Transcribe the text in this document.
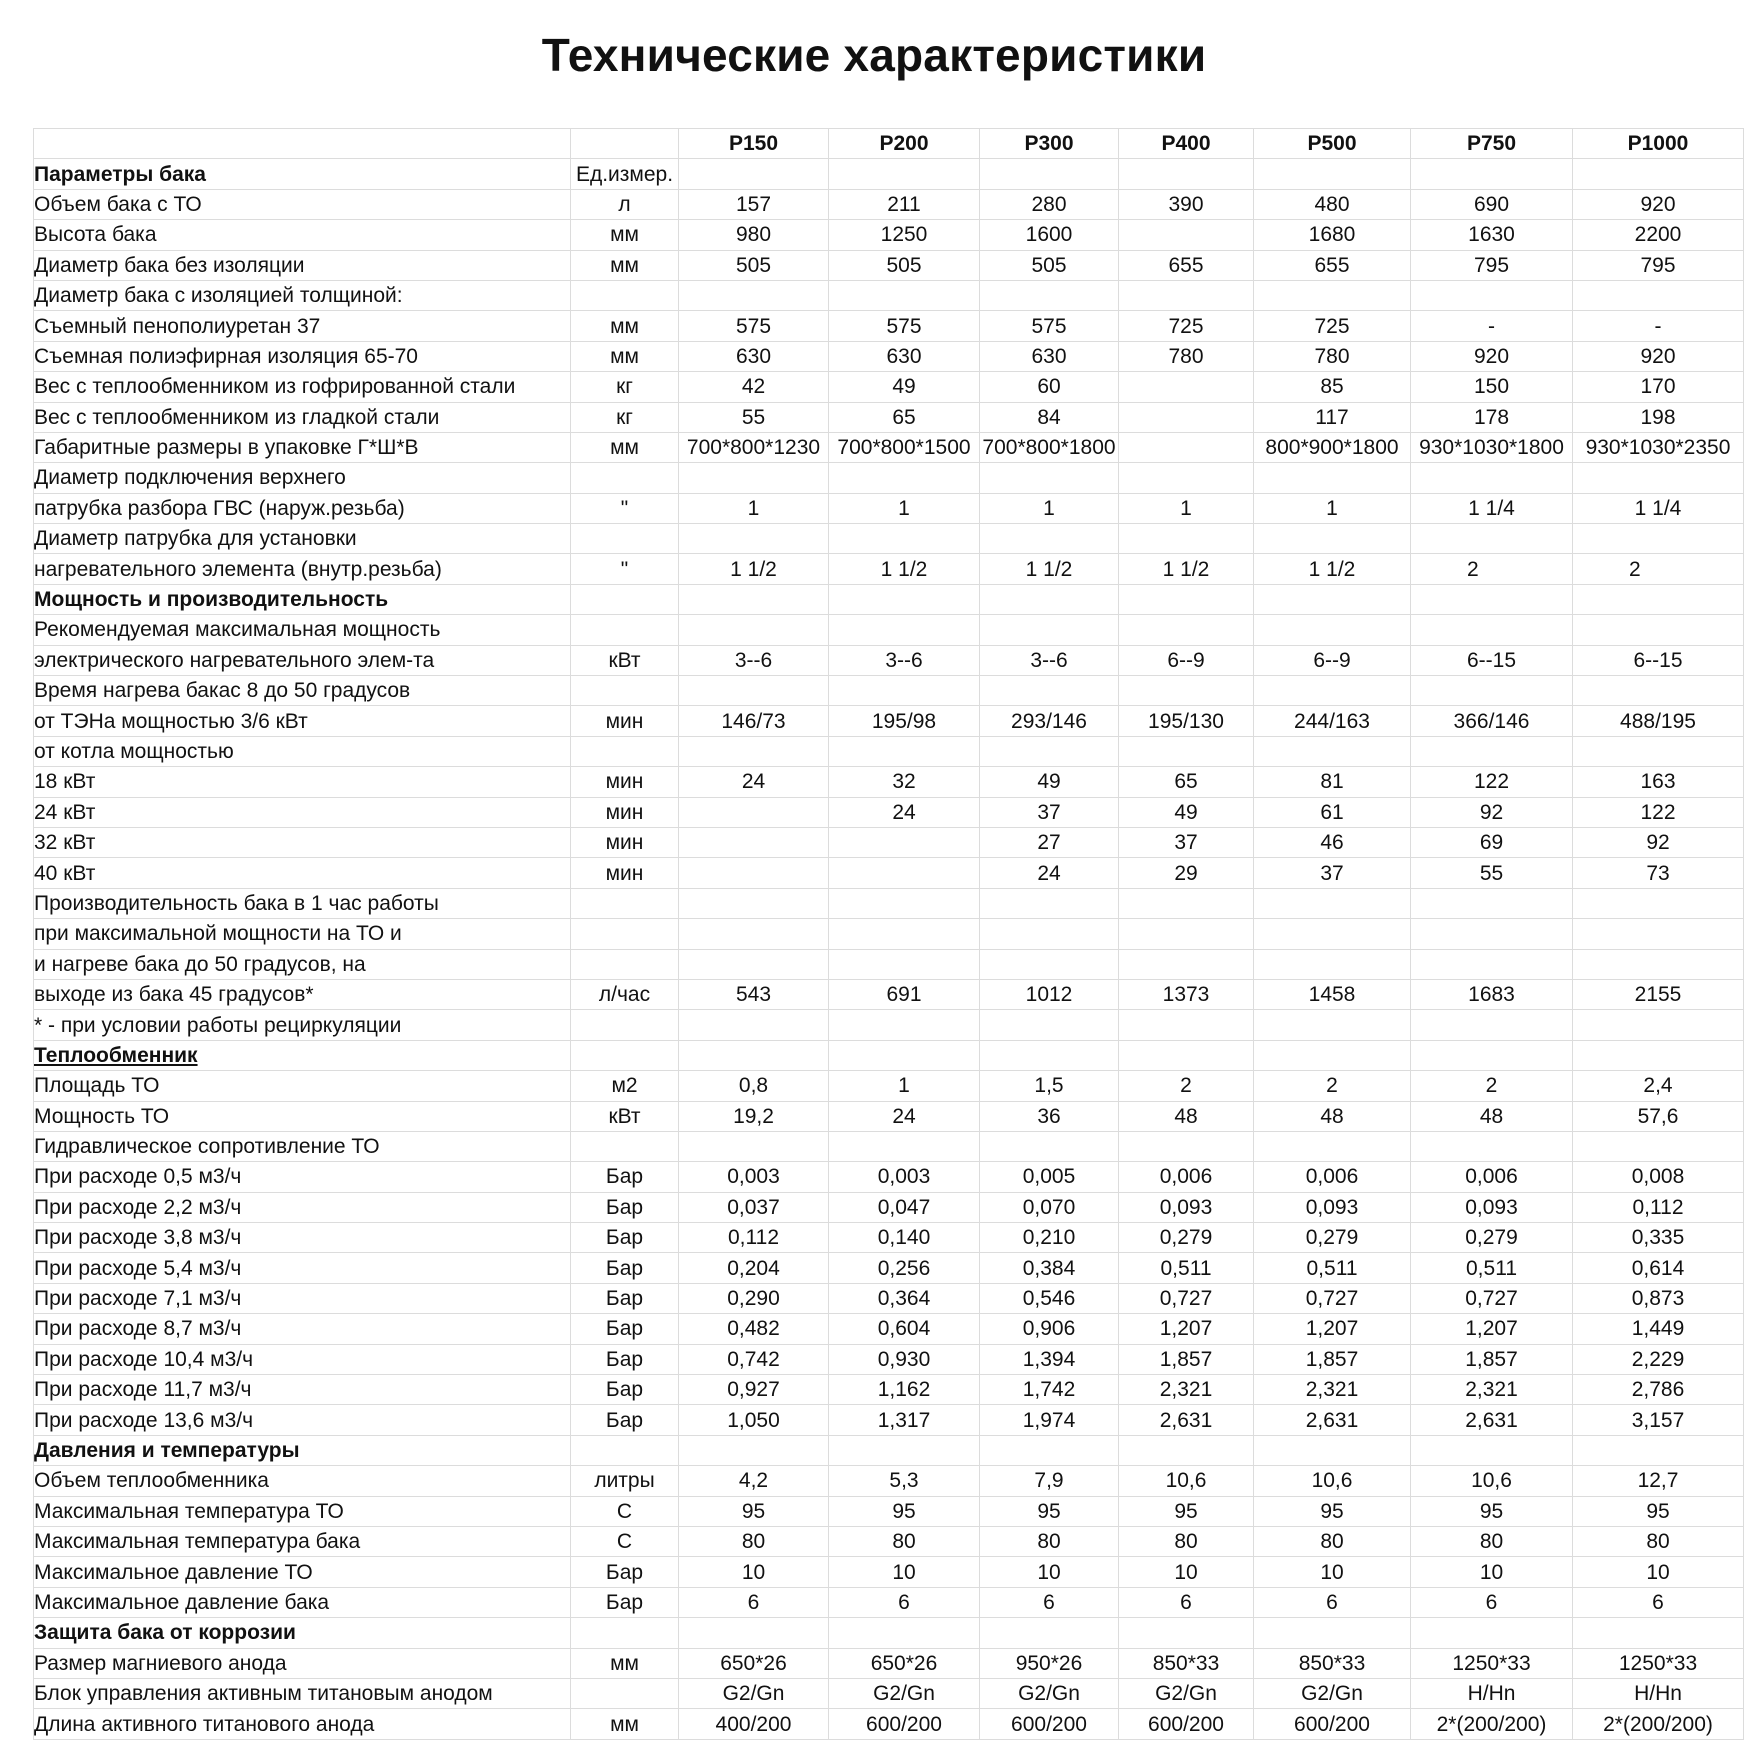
Технические характеристики
		P150	P200	P300	P400	P500	P750	P1000
Параметры бака	Ед.измер.							
Объем бака с ТО	л	157	211	280	390	480	690	920
Высота бака	мм	980	1250	1600		1680	1630	2200
Диаметр бака без изоляции	мм	505	505	505	655	655	795	795
Диаметр бака с изоляцией толщиной:								
Съемный пенополиуретан 37	мм	575	575	575	725	725	-	-
Съемная полиэфирная изоляция 65-70	мм	630	630	630	780	780	920	920
Вес с теплообменником из гофрированной стали	кг	42	49	60		85	150	170
Вес с теплообменником из гладкой стали	кг	55	65	84		117	178	198
Габаритные размеры в упаковке Г*Ш*В	мм	700*800*1230	700*800*1500	700*800*1800		800*900*1800	930*1030*1800	930*1030*2350
Диаметр подключения верхнего								
патрубка разбора ГВС (наруж.резьба)	"	1	1	1	1	1	1 1/4	1 1/4
Диаметр патрубка для установки								
нагревательного элемента (внутр.резьба)	"	1 1/2	1 1/2	1 1/2	1 1/2	1 1/2	2	2
Мощность и производительность								
Рекомендуемая максимальная мощность								
электрического нагревательного элем-та	кВт	3--6	3--6	3--6	6--9	6--9	6--15	6--15
Время нагрева бакас 8 до 50 градусов								
от ТЭНа мощностью 3/6 кВт	мин	146/73	195/98	293/146	195/130	244/163	366/146	488/195
от котла мощностью								
18 кВт	мин	24	32	49	65	81	122	163
24 кВт	мин		24	37	49	61	92	122
32 кВт	мин			27	37	46	69	92
40 кВт	мин			24	29	37	55	73
Производительность бака в 1 час работы								
при максимальной мощности на ТО и								
и нагреве бака до 50 градусов, на								
выходе из бака 45 градусов*	л/час	543	691	1012	1373	1458	1683	2155
* - при условии работы рециркуляции								
Теплообменник								
Площадь ТО	м2	0,8	1	1,5	2	2	2	2,4
Мощность ТО	кВт	19,2	24	36	48	48	48	57,6
Гидравлическое сопротивление ТО								
При расходе 0,5 м3/ч	Бар	0,003	0,003	0,005	0,006	0,006	0,006	0,008
При расходе 2,2 м3/ч	Бар	0,037	0,047	0,070	0,093	0,093	0,093	0,112
При расходе 3,8 м3/ч	Бар	0,112	0,140	0,210	0,279	0,279	0,279	0,335
При расходе 5,4 м3/ч	Бар	0,204	0,256	0,384	0,511	0,511	0,511	0,614
При расходе 7,1 м3/ч	Бар	0,290	0,364	0,546	0,727	0,727	0,727	0,873
При расходе 8,7 м3/ч	Бар	0,482	0,604	0,906	1,207	1,207	1,207	1,449
При расходе 10,4 м3/ч	Бар	0,742	0,930	1,394	1,857	1,857	1,857	2,229
При расходе 11,7 м3/ч	Бар	0,927	1,162	1,742	2,321	2,321	2,321	2,786
При расходе 13,6 м3/ч	Бар	1,050	1,317	1,974	2,631	2,631	2,631	3,157
Давления и температуры								
Объем теплообменника	литры	4,2	5,3	7,9	10,6	10,6	10,6	12,7
Максимальная температура ТО	С	95	95	95	95	95	95	95
Максимальная температура бака	С	80	80	80	80	80	80	80
Максимальное давление ТО	Бар	10	10	10	10	10	10	10
Максимальное давление бака	Бар	6	6	6	6	6	6	6
Защита бака от коррозии								
Размер магниевого анода	мм	650*26	650*26	950*26	850*33	850*33	1250*33	1250*33
Блок управления активным титановым анодом		G2/Gn	G2/Gn	G2/Gn	G2/Gn	G2/Gn	H/Hn	H/Hn
Длина активного титанового анода	мм	400/200	600/200	600/200	600/200	600/200	2*(200/200)	2*(200/200)
